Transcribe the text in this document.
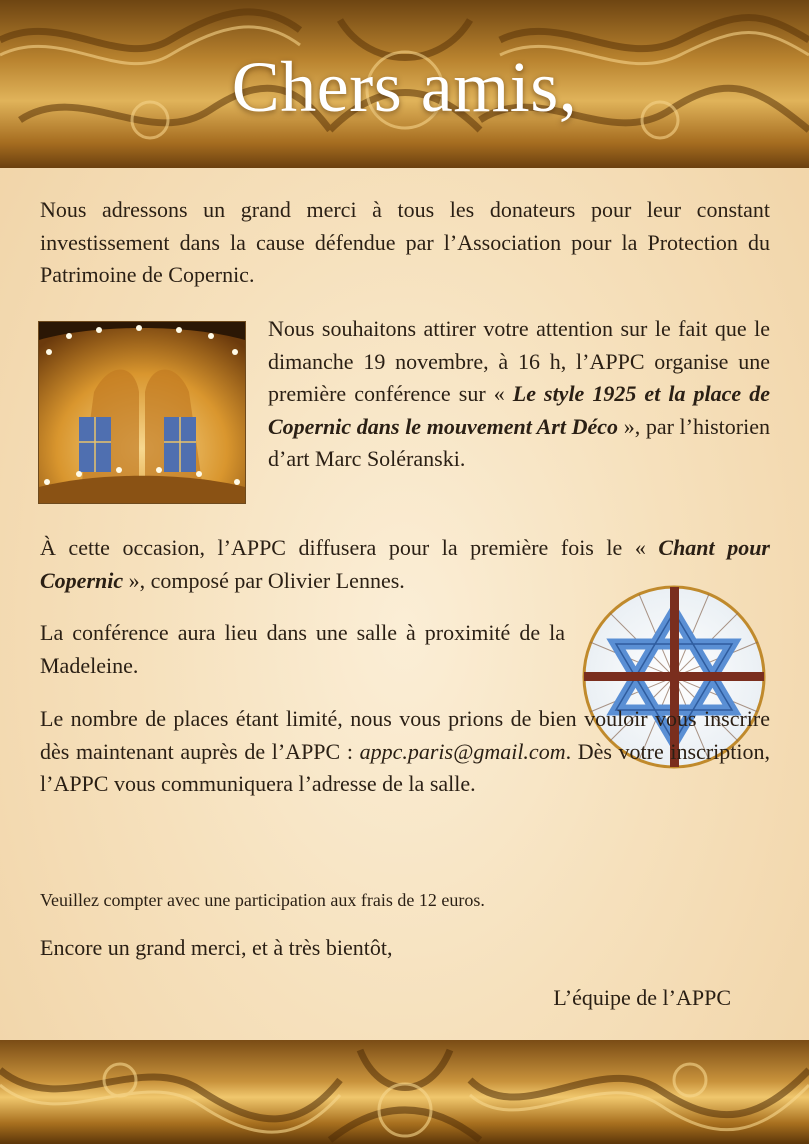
Chers amis,

Nous adressons un grand merci à tous les donateurs pour leur constant investissement dans la cause défendue par l’Association pour la Protection du Patrimoine de Copernic.

Nous souhaitons attirer votre attention sur le fait que le dimanche 19 novembre, à 16 h, l’APPC organise une première conférence sur « Le style 1925 et la place de Copernic dans le mouvement Art Déco », par l’historien d’art Marc Soléranski.

À cette occasion, l’APPC diffusera pour la première fois le « Chant pour Copernic », composé par Olivier Lennes.

La conférence aura lieu dans une salle à proximité de la Madeleine.

Le nombre de places étant limité, nous vous prions de bien vouloir vous inscrire dès maintenant auprès de l’APPC : appc.paris@gmail.com. Dès votre inscription, l’APPC vous communiquera l’adresse de la salle.

Veuillez compter avec une participation aux frais de 12 euros.

Encore un grand merci, et à très bientôt,

L’équipe de l’APPC
